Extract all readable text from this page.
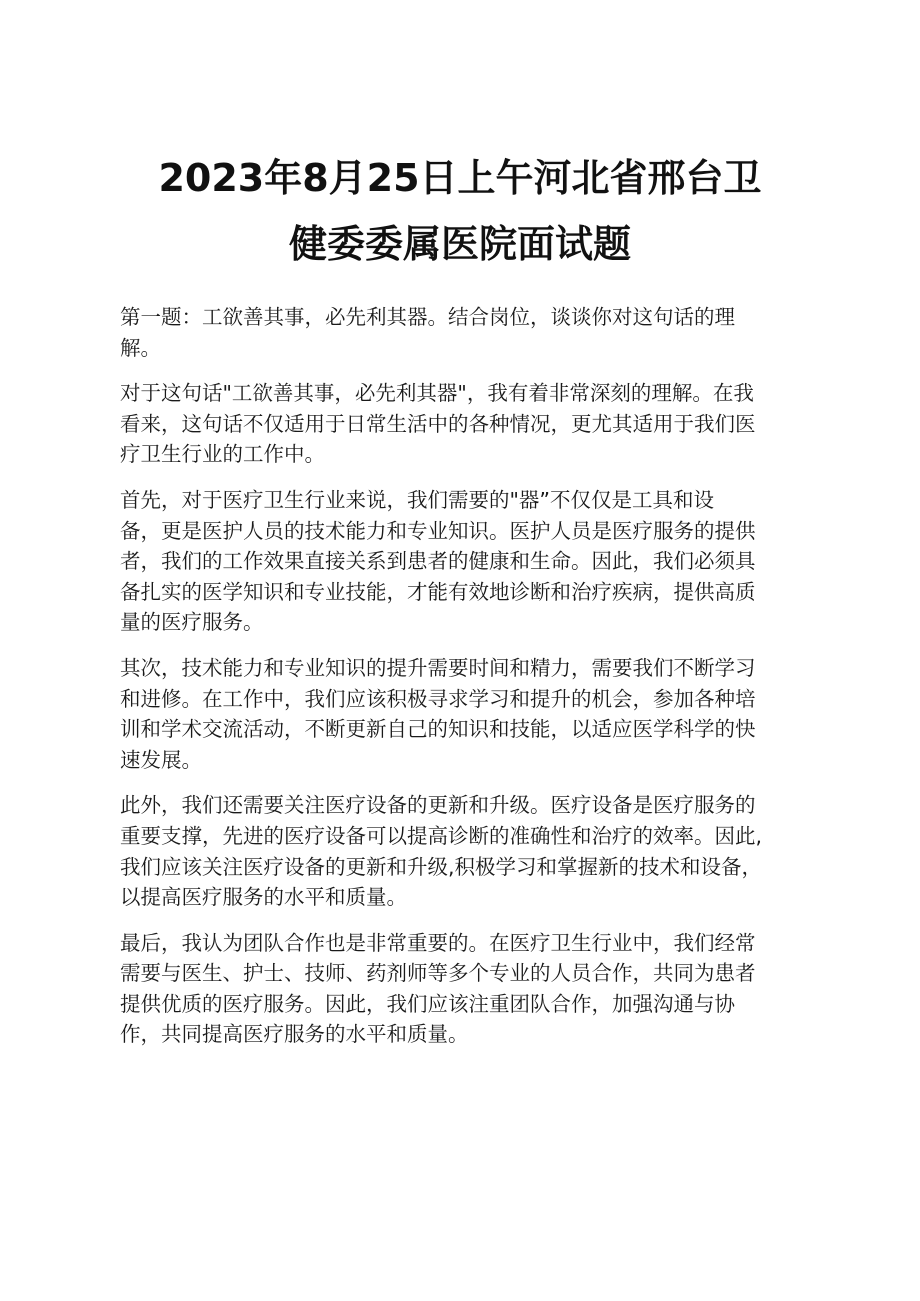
2023年8月25日上午河北省邢台卫
健委委属医院面试题

第一题：工欲善其事，必先利其器。结合岗位，谈谈你对这句话的理
解。

对于这句话"工欲善其事，必先利其器"，我有着非常深刻的理解。在我
看来，这句话不仅适用于日常生活中的各种情况，更尤其适用于我们医
疗卫生行业的工作中。

首先，对于医疗卫生行业来说，我们需要的"器”不仅仅是工具和设
备，更是医护人员的技术能力和专业知识。医护人员是医疗服务的提供
者，我们的工作效果直接关系到患者的健康和生命。因此，我们必须具
备扎实的医学知识和专业技能，才能有效地诊断和治疗疾病，提供高质
量的医疗服务。

其次，技术能力和专业知识的提升需要时间和精力，需要我们不断学习
和进修。在工作中，我们应该积极寻求学习和提升的机会，参加各种培
训和学术交流活动，不断更新自己的知识和技能，以适应医学科学的快
速发展。

此外，我们还需要关注医疗设备的更新和升级。医疗设备是医疗服务的
重要支撑，先进的医疗设备可以提高诊断的准确性和治疗的效率。因此,
我们应该关注医疗设备的更新和升级,积极学习和掌握新的技术和设备，
以提高医疗服务的水平和质量。

最后，我认为团队合作也是非常重要的。在医疗卫生行业中，我们经常
需要与医生、护士、技师、药剂师等多个专业的人员合作，共同为患者
提供优质的医疗服务。因此，我们应该注重团队合作，加强沟通与协
作，共同提高医疗服务的水平和质量。
